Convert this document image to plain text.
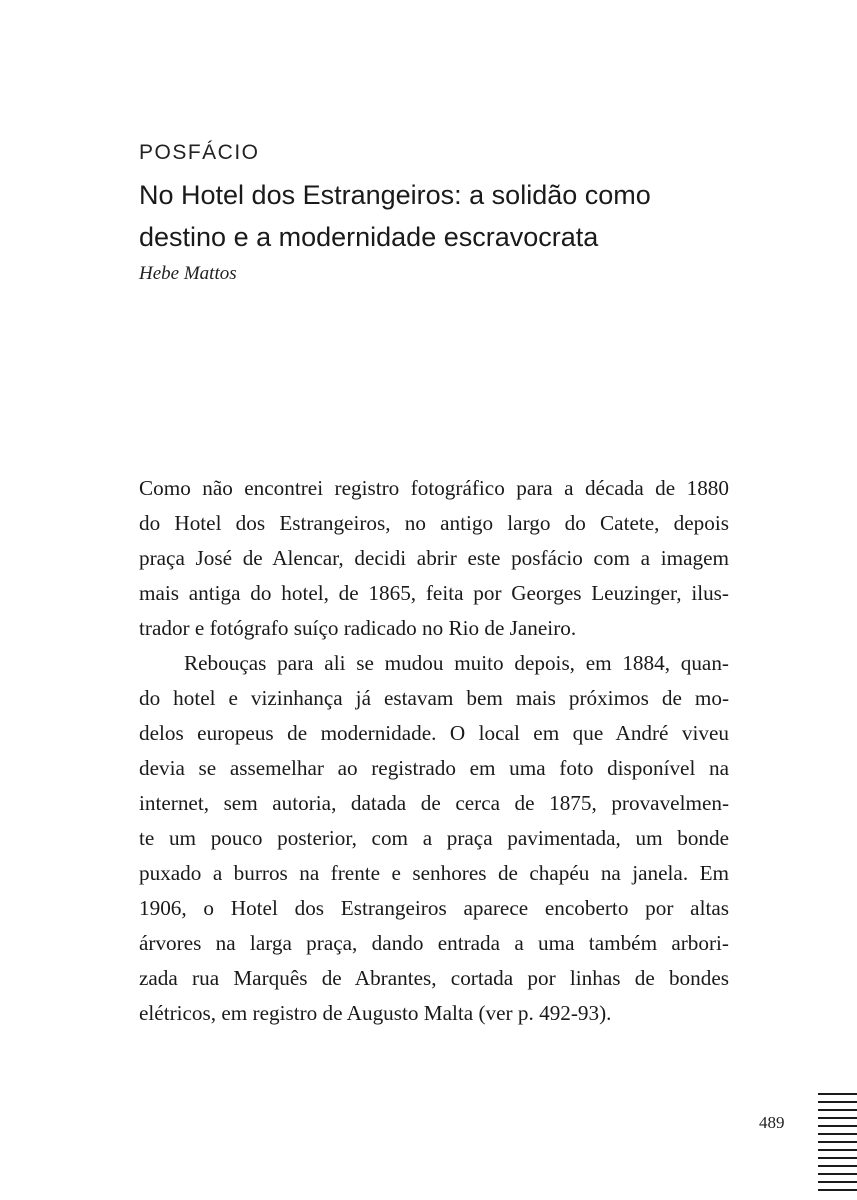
POSFÁCIO
No Hotel dos Estrangeiros: a solidão como
destino e a modernidade escravocrata
Hebe Mattos
Como não encontrei registro fotográfico para a década de 1880
do Hotel dos Estrangeiros, no antigo largo do Catete, depois
praça José de Alencar, decidi abrir este posfácio com a imagem
mais antiga do hotel, de 1865, feita por Georges Leuzinger, ilus-
trador e fotógrafo suíço radicado no Rio de Janeiro.
Rebouças para ali se mudou muito depois, em 1884, quan-
do hotel e vizinhança já estavam bem mais próximos de mo-
delos europeus de modernidade. O local em que André viveu
devia se assemelhar ao registrado em uma foto disponível na
internet, sem autoria, datada de cerca de 1875, provavelmen-
te um pouco posterior, com a praça pavimentada, um bonde
puxado a burros na frente e senhores de chapéu na janela. Em
1906, o Hotel dos Estrangeiros aparece encoberto por altas
árvores na larga praça, dando entrada a uma também arbori-
zada rua Marquês de Abrantes, cortada por linhas de bondes
elétricos, em registro de Augusto Malta (ver p. 492-93).
489
